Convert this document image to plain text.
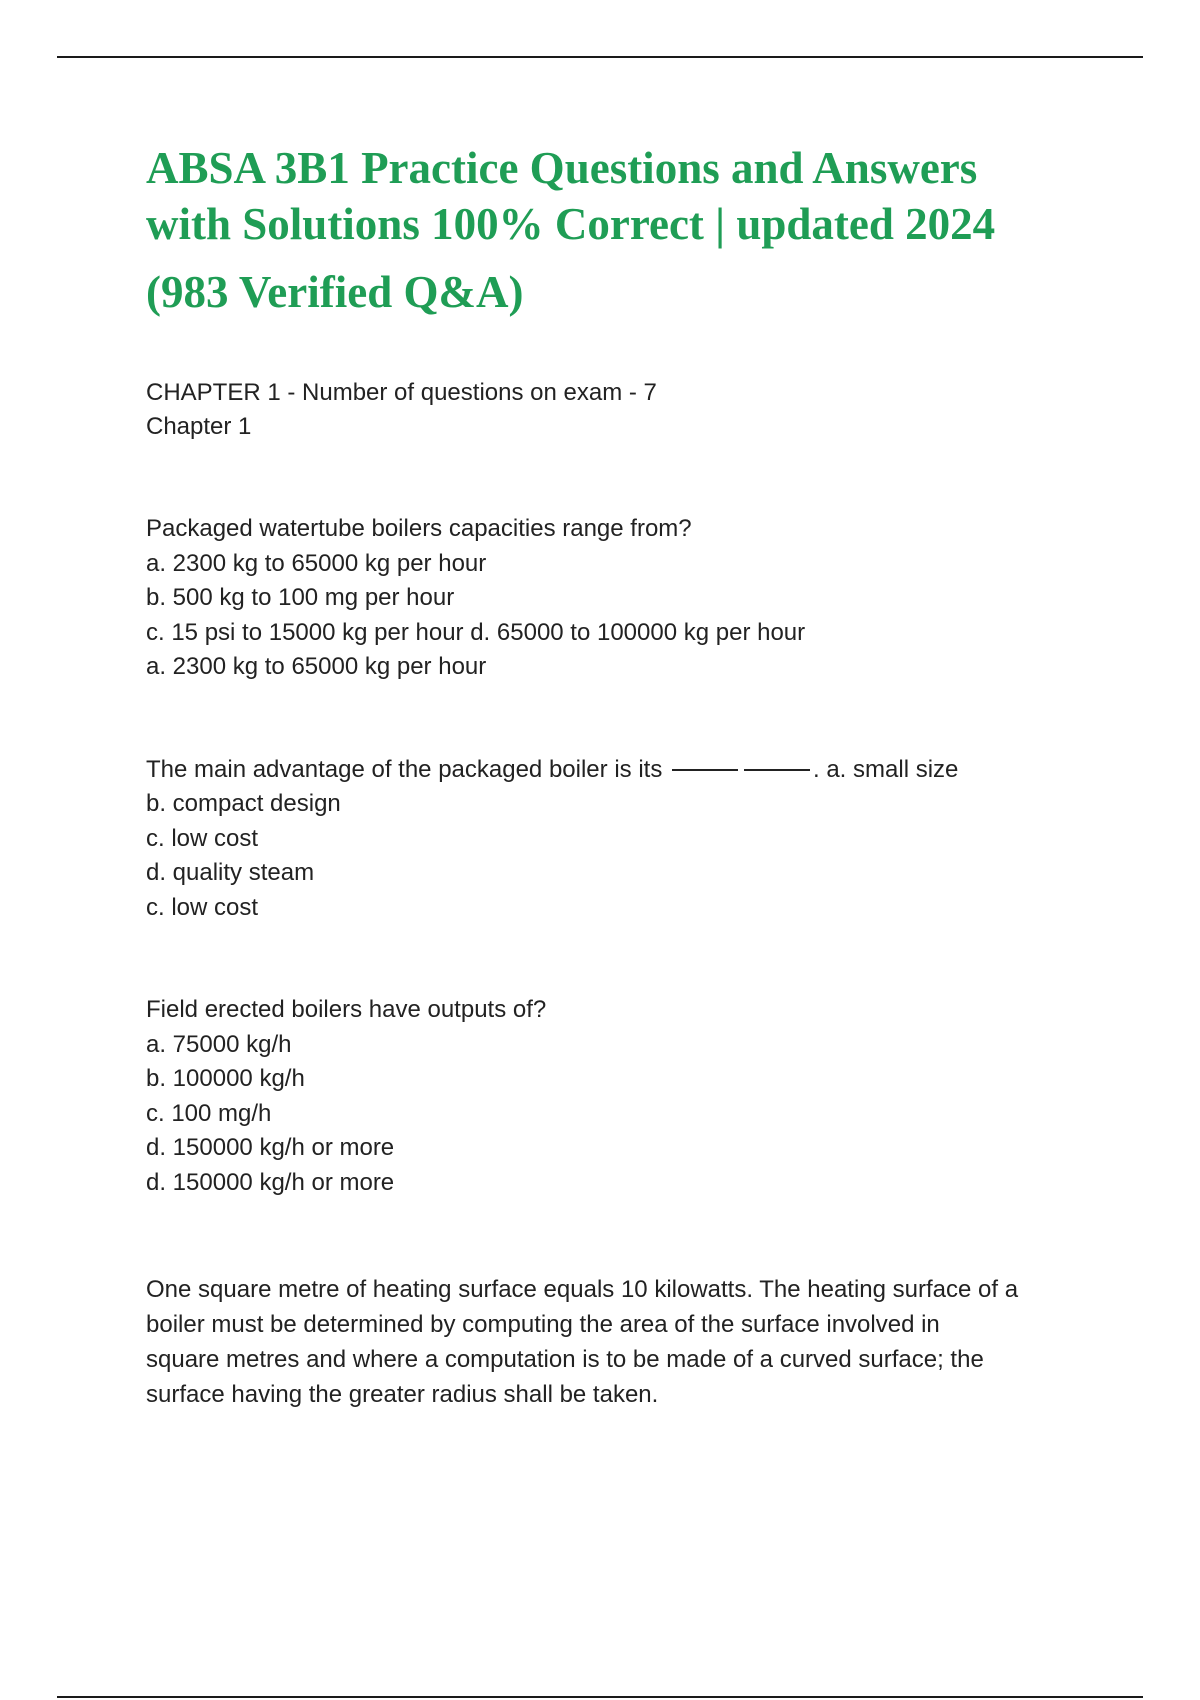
ABSA 3B1 Practice Questions and Answers
with Solutions 100% Correct | updated 2024
(983 Verified Q&A)
CHAPTER 1 - Number of questions on exam - 7
Chapter 1
Packaged watertube boilers capacities range from?
a. 2300 kg to 65000 kg per hour
b. 500 kg to 100 mg per hour
c. 15 psi to 15000 kg per hour d. 65000 to 100000 kg per hour
a. 2300 kg to 65000 kg per hour
The main advantage of the packaged boiler is its	. a. small size
b. compact design
c. low cost
d. quality steam
c. low cost
Field erected boilers have outputs of?
a. 75000 kg/h
b. 100000 kg/h
c. 100 mg/h
d. 150000 kg/h or more
d. 150000 kg/h or more
One square metre of heating surface equals 10 kilowatts. The heating surface of a
boiler must be determined by computing the area of the surface involved in
square metres and where a computation is to be made of a curved surface; the
surface having the greater radius shall be taken.
